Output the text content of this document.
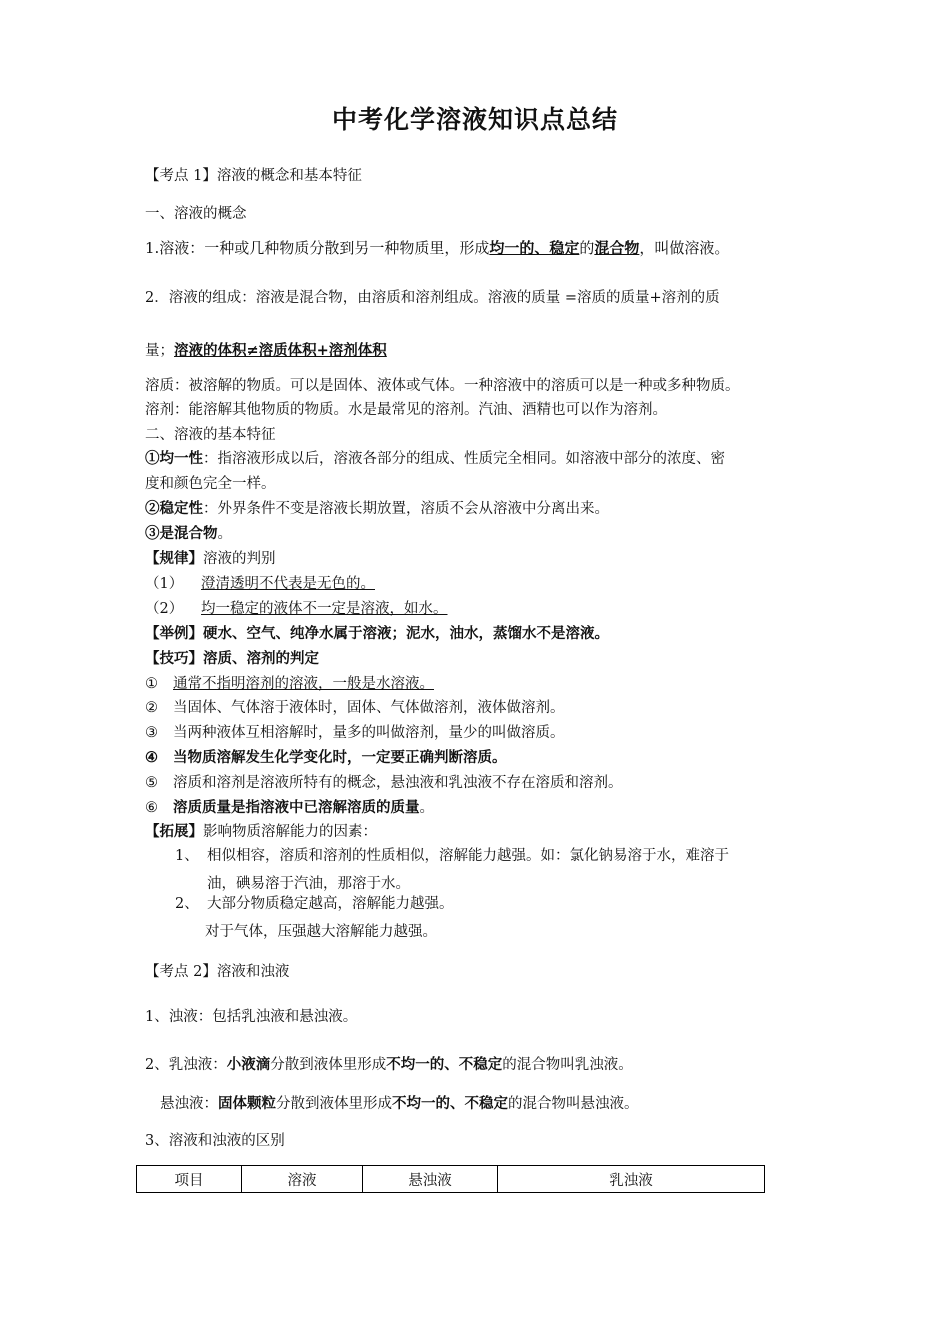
中考化学溶液知识点总结
【考点 1】溶液的概念和基本特征
一、溶液的概念
1.溶液：一种或几种物质分散到另一种物质里，形成均一的、稳定的混合物，叫做溶液。
2．溶液的组成：溶液是混合物，由溶质和溶剂组成。溶液的质量 =溶质的质量+溶剂的质
量；溶液的体积≠溶质体积+溶剂体积
溶质：被溶解的物质。可以是固体、液体或气体。一种溶液中的溶质可以是一种或多种物质。
溶剂：能溶解其他物质的物质。水是最常见的溶剂。汽油、酒精也可以作为溶剂。
二、溶液的基本特征
①均一性：指溶液形成以后，溶液各部分的组成、性质完全相同。如溶液中部分的浓度、密
度和颜色完全一样。
②稳定性：外界条件不变是溶液长期放置，溶质不会从溶液中分离出来。
③是混合物。
【规律】溶液的判别
（1） 澄清透明不代表是无色的。
（2） 均一稳定的液体不一定是溶液，如水。
【举例】硬水、空气、纯净水属于溶液；泥水，油水，蒸馏水不是溶液。
【技巧】溶质、溶剂的判定
① 通常不指明溶剂的溶液，一般是水溶液。
② 当固体、气体溶于液体时，固体、气体做溶剂，液体做溶剂。
③ 当两种液体互相溶解时，量多的叫做溶剂，量少的叫做溶质。
④ 当物质溶解发生化学变化时，一定要正确判断溶质。
⑤ 溶质和溶剂是溶液所特有的概念，悬浊液和乳浊液不存在溶质和溶剂。
⑥ 溶质质量是指溶液中已溶解溶质的质量。
【拓展】影响物质溶解能力的因素：
1、 相似相容，溶质和溶剂的性质相似，溶解能力越强。如：氯化钠易溶于水，难溶于
油，碘易溶于汽油，那溶于水。
2、 大部分物质稳定越高，溶解能力越强。
对于气体，压强越大溶解能力越强。
【考点 2】溶液和浊液
1、浊液：包括乳浊液和悬浊液。
2、乳浊液：小液滴分散到液体里形成不均一的、不稳定的混合物叫乳浊液。
悬浊液：固体颗粒分散到液体里形成不均一的、不稳定的混合物叫悬浊液。
3、溶液和浊液的区别
项目	溶液	悬浊液	乳浊液
